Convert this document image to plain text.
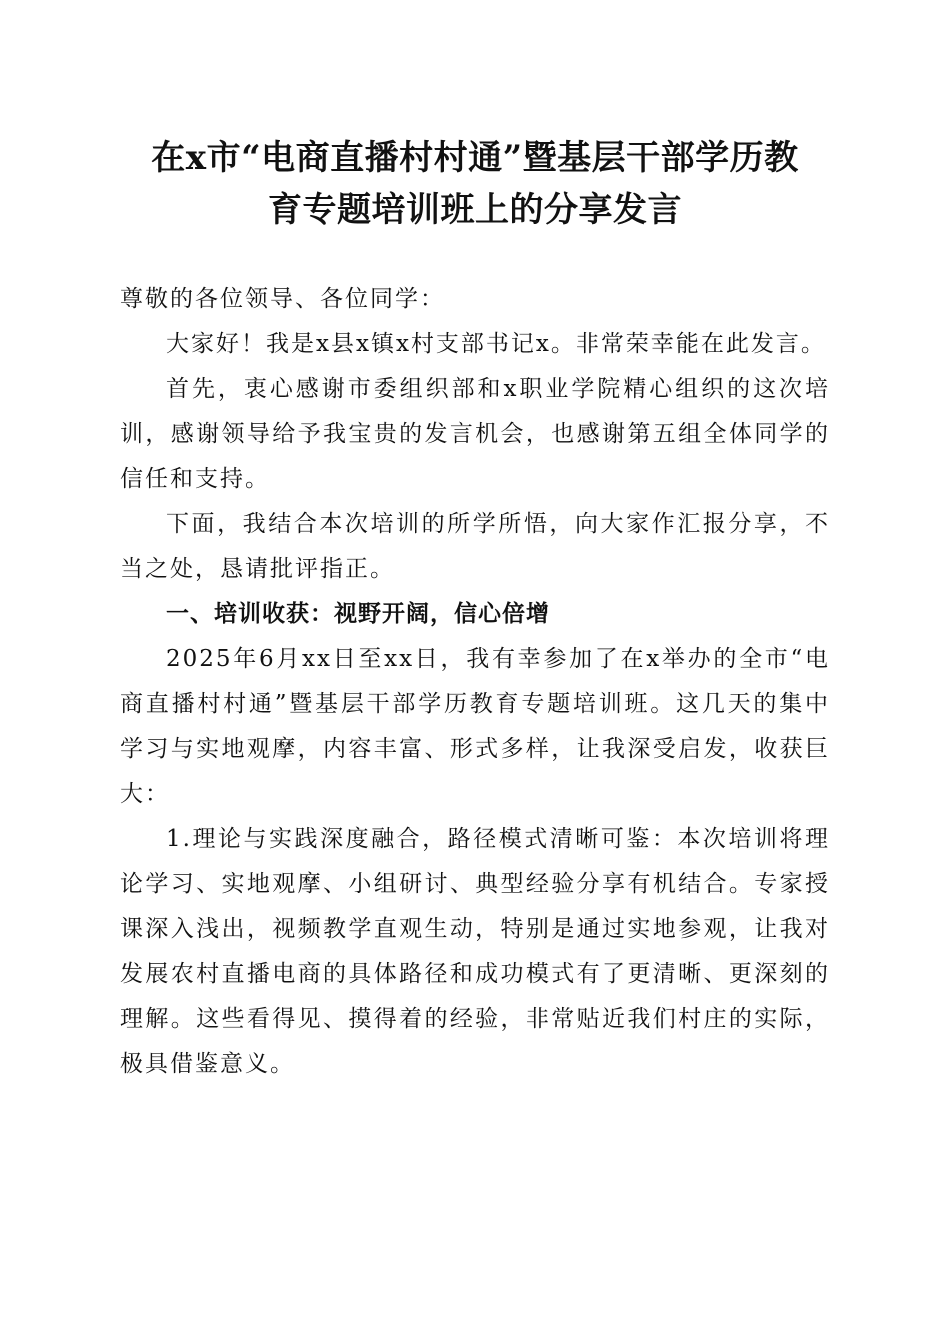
在x市“电商直播村村通”暨基层干部学历教
育专题培训班上的分享发言

尊敬的各位领导、各位同学：

大家好！我是x县x镇x村支部书记x。非常荣幸能在此发言。

首先，衷心感谢市委组织部和x职业学院精心组织的这次培训，感谢领导给予我宝贵的发言机会，也感谢第五组全体同学的信任和支持。

下面，我结合本次培训的所学所悟，向大家作汇报分享，不当之处，恳请批评指正。

一、培训收获：视野开阔，信心倍增

2025年6月xx日至xx日，我有幸参加了在x举办的全市“电商直播村村通”暨基层干部学历教育专题培训班。这几天的集中学习与实地观摩，内容丰富、形式多样，让我深受启发，收获巨大：

1.理论与实践深度融合，路径模式清晰可鉴：本次培训将理论学习、实地观摩、小组研讨、典型经验分享有机结合。专家授课深入浅出，视频教学直观生动，特别是通过实地参观，让我对发展农村直播电商的具体路径和成功模式有了更清晰、更深刻的理解。这些看得见、摸得着的经验，非常贴近我们村庄的实际，极具借鉴意义。
